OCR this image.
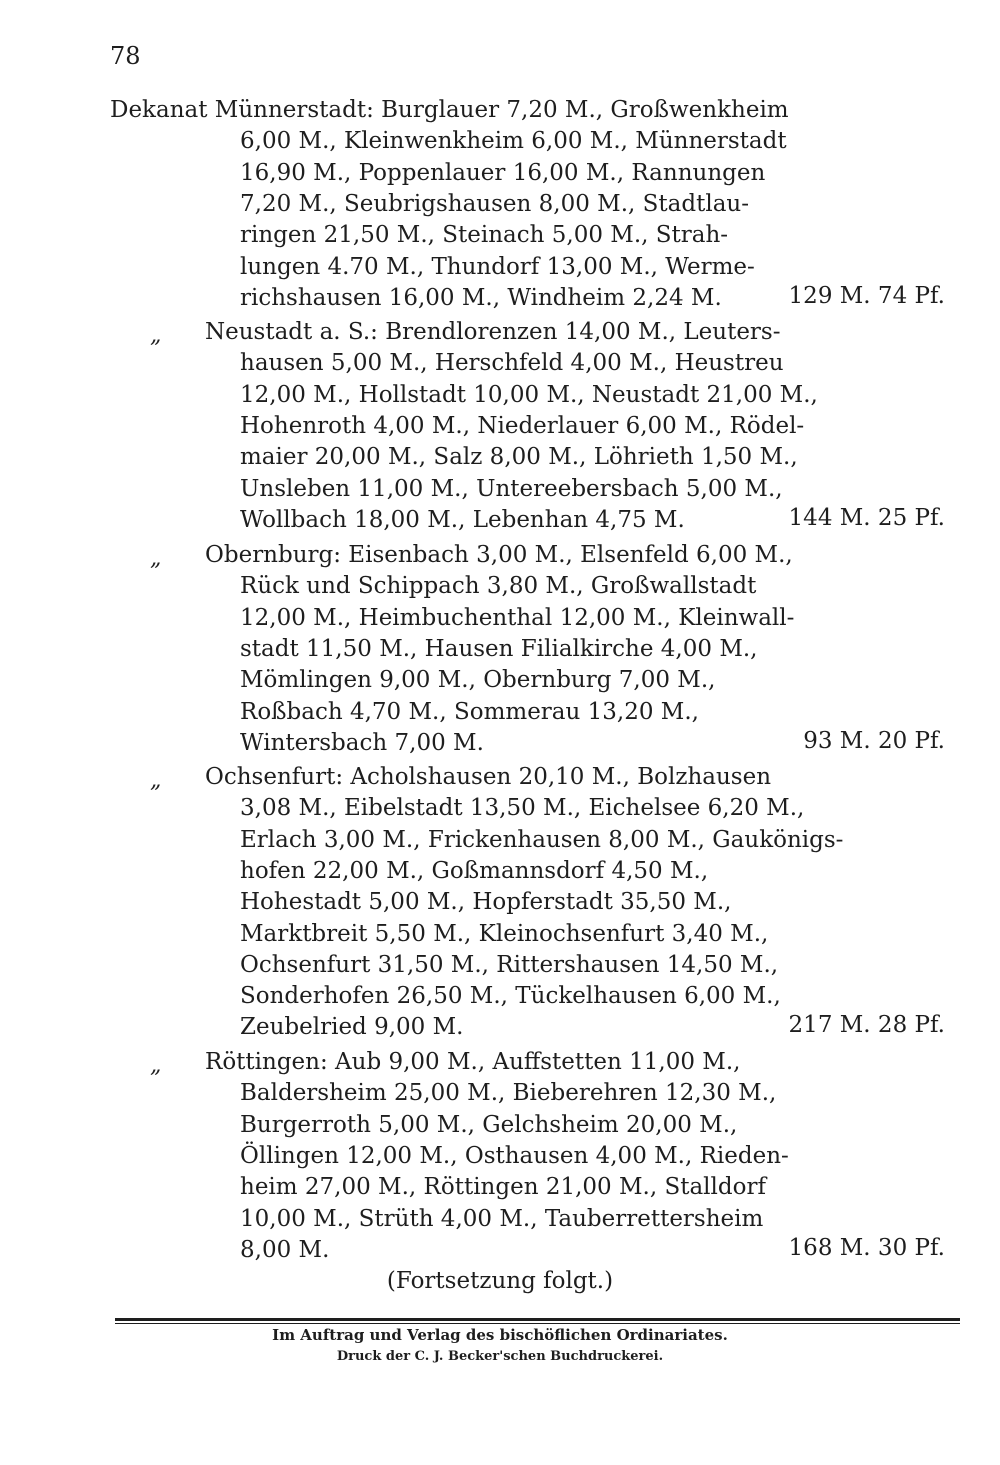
78
Dekanat Münnerstadt: Burglauer 7,20 M., Großwenkheim
6,00 M., Kleinwenkheim 6,00 M., Münnerstadt
16,90 M., Poppenlauer 16,00 M., Rannungen
7,20 M., Seubrigshausen 8,00 M., Stadtlau-
ringen 21,50 M., Steinach 5,00 M., Strah-
lungen 4.70 M., Thundorf 13,00 M., Werme-
richshausen 16,00 M., Windheim 2,24 M.	129 M. 74 Pf.
„ Neustadt a. S.: Brendlorenzen 14,00 M., Leuters-
hausen 5,00 M., Herschfeld 4,00 M., Heustreu
12,00 M., Hollstadt 10,00 M., Neustadt 21,00 M.,
Hohenroth 4,00 M., Niederlauer 6,00 M., Rödel-
maier 20,00 M., Salz 8,00 M., Löhrieth 1,50 M.,
Unsleben 11,00 M., Untereebersbach 5,00 M.,
Wollbach 18,00 M., Lebenhan 4,75 M.	144 M. 25 Pf.
„ Obernburg: Eisenbach 3,00 M., Elsenfeld 6,00 M.,
Rück und Schippach 3,80 M., Großwallstadt
12,00 M., Heimbuchenthal 12,00 M., Kleinwall-
stadt 11,50 M., Hausen Filialkirche 4,00 M.,
Mömlingen 9,00 M., Obernburg 7,00 M.,
Roßbach 4,70 M., Sommerau 13,20 M.,
Wintersbach 7,00 M.	93 M. 20 Pf.
„ Ochsenfurt: Acholshausen 20,10 M., Bolzhausen
3,08 M., Eibelstadt 13,50 M., Eichelsee 6,20 M.,
Erlach 3,00 M., Frickenhausen 8,00 M., Gaukönigs-
hofen 22,00 M., Goßmannsdorf 4,50 M.,
Hohestadt 5,00 M., Hopferstadt 35,50 M.,
Marktbreit 5,50 M., Kleinochsenfurt 3,40 M.,
Ochsenfurt 31,50 M., Rittershausen 14,50 M.,
Sonderhofen 26,50 M., Tückelhausen 6,00 M.,
Zeubelried 9,00 M.	217 M. 28 Pf.
„ Röttingen: Aub 9,00 M., Auffstetten 11,00 M.,
Baldersheim 25,00 M., Bieberehren 12,30 M.,
Burgerroth 5,00 M., Gelchsheim 20,00 M.,
Öllingen 12,00 M., Osthausen 4,00 M., Rieden-
heim 27,00 M., Röttingen 21,00 M., Stalldorf
10,00 M., Strüth 4,00 M., Tauberrettersheim
8,00 M.	168 M. 30 Pf.
(Fortsetzung folgt.)
Im Auftrag und Verlag des bischöflichen Ordinariates.
Druck der C. J. Becker'schen Buchdruckerei.
